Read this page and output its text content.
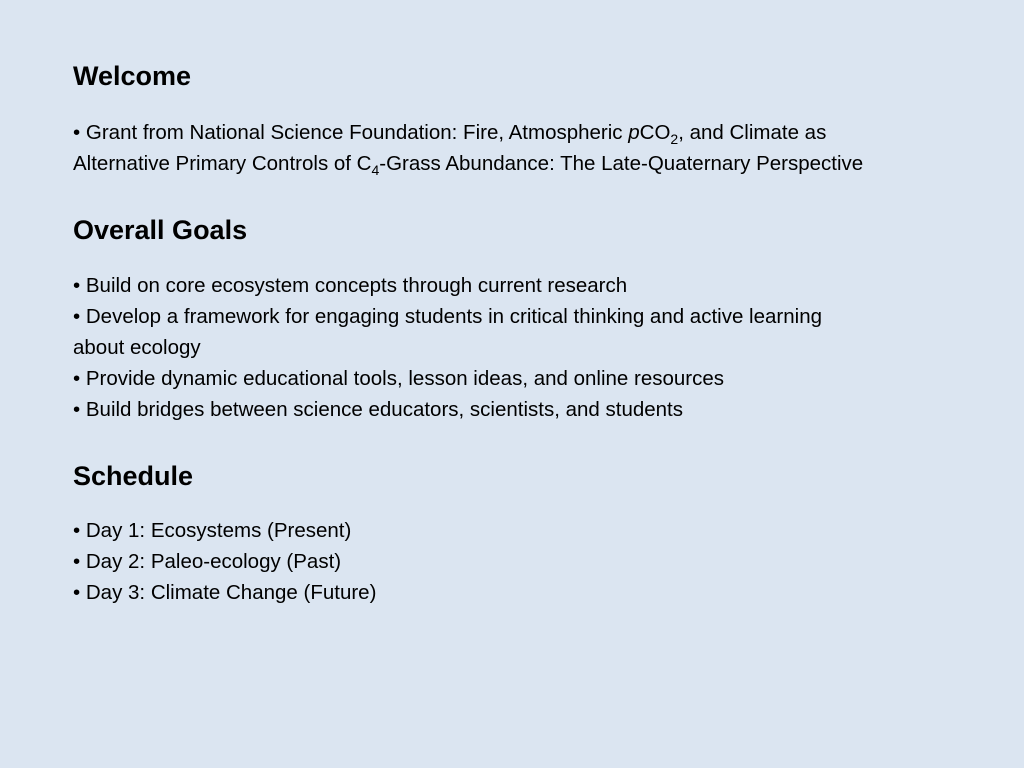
Welcome
• Grant from National Science Foundation: Fire, Atmospheric pCO$_2$, and Climate as
Alternative Primary Controls of $C_4$-Grass Abundance: The Late-Quaternary Perspective
Overall Goals
• Build on core ecosystem concepts through current research
• Develop a framework for engaging students in critical thinking and active learning
about ecology
• Provide dynamic educational tools, lesson ideas, and online resources
• Build bridges between science educators, scientists, and students
Schedule
• Day 1: Ecosystems (Present)
• Day 2: Paleo-ecology (Past)
• Day 3: Climate Change (Future)
